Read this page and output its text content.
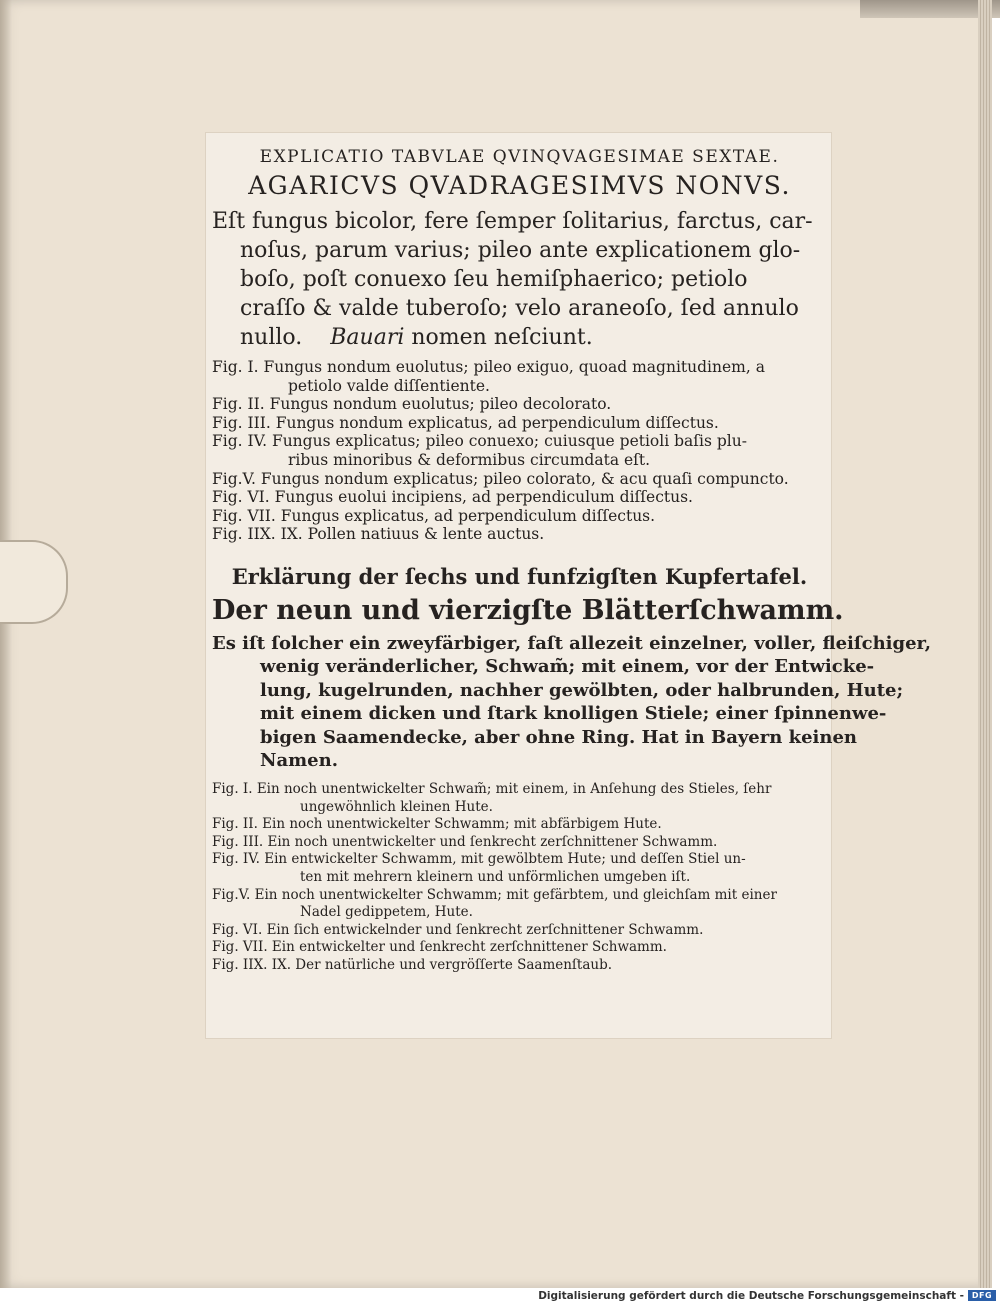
EXPLICATIO TABVLAE QVINQVAGESIMAE SEXTAE.

AGARICVS QVADRAGESIMVS NONVS.

Eſt fungus bicolor, fere ſemper ſolitarius, farctus, car-

noſus, parum varius; pileo ante explicationem glo-

boſo, poſt conuexo ſeu hemiſphaerico; petiolo

craſſo & valde tuberoſo; velo araneoſo, ſed annulo

nullo. Bauari nomen neſciunt.

Fig. I. Fungus nondum euolutus; pileo exiguo, quoad magnitudinem, a

petiolo valde diſſentiente.

Fig. II. Fungus nondum euolutus; pileo decolorato.

Fig. III. Fungus nondum explicatus, ad perpendiculum diſſectus.

Fig. IV. Fungus explicatus; pileo conuexo; cuiusque petioli baſis plu-

ribus minoribus & deformibus circumdata eſt.

Fig.V. Fungus nondum explicatus; pileo colorato, & acu quaſi compuncto.

Fig. VI. Fungus euolui incipiens, ad perpendiculum diſſectus.

Fig. VII. Fungus explicatus, ad perpendiculum diſſectus.

Fig. IIX. IX. Pollen natiuus & lente auctus.

Erklärung der ſechs und funfzigſten Kupfertafel.

Der neun und vierzigſte Blätterſchwamm.

Es iſt ſolcher ein zweyfärbiger, faſt allezeit einzelner, voller, fleiſchiger,

wenig veränderlicher, Schwam̃; mit einem, vor der Entwicke-

lung, kugelrunden, nachher gewölbten, oder halbrunden, Hute;

mit einem dicken und ſtark knolligen Stiele; einer ſpinnenwe-

bigen Saamendecke, aber ohne Ring. Hat in Bayern keinen

Namen.

Fig. I. Ein noch unentwickelter Schwam̃; mit einem, in Anſehung des Stieles, ſehr

ungewöhnlich kleinen Hute.

Fig. II. Ein noch unentwickelter Schwamm; mit abfärbigem Hute.

Fig. III. Ein noch unentwickelter und ſenkrecht zerſchnittener Schwamm.

Fig. IV. Ein entwickelter Schwamm, mit gewölbtem Hute; und deſſen Stiel un-

ten mit mehrern kleinern und unförmlichen umgeben iſt.

Fig.V. Ein noch unentwickelter Schwamm; mit gefärbtem, und gleichſam mit einer

Nadel gedippetem, Hute.

Fig. VI. Ein ſich entwickelnder und ſenkrecht zerſchnittener Schwamm.

Fig. VII. Ein entwickelter und ſenkrecht zerſchnittener Schwamm.

Fig. IIX. IX. Der natürliche und vergröſſerte Saamenſtaub.

Digitalisierung gefördert durch die Deutsche Forschungsgemeinschaft - DFG
